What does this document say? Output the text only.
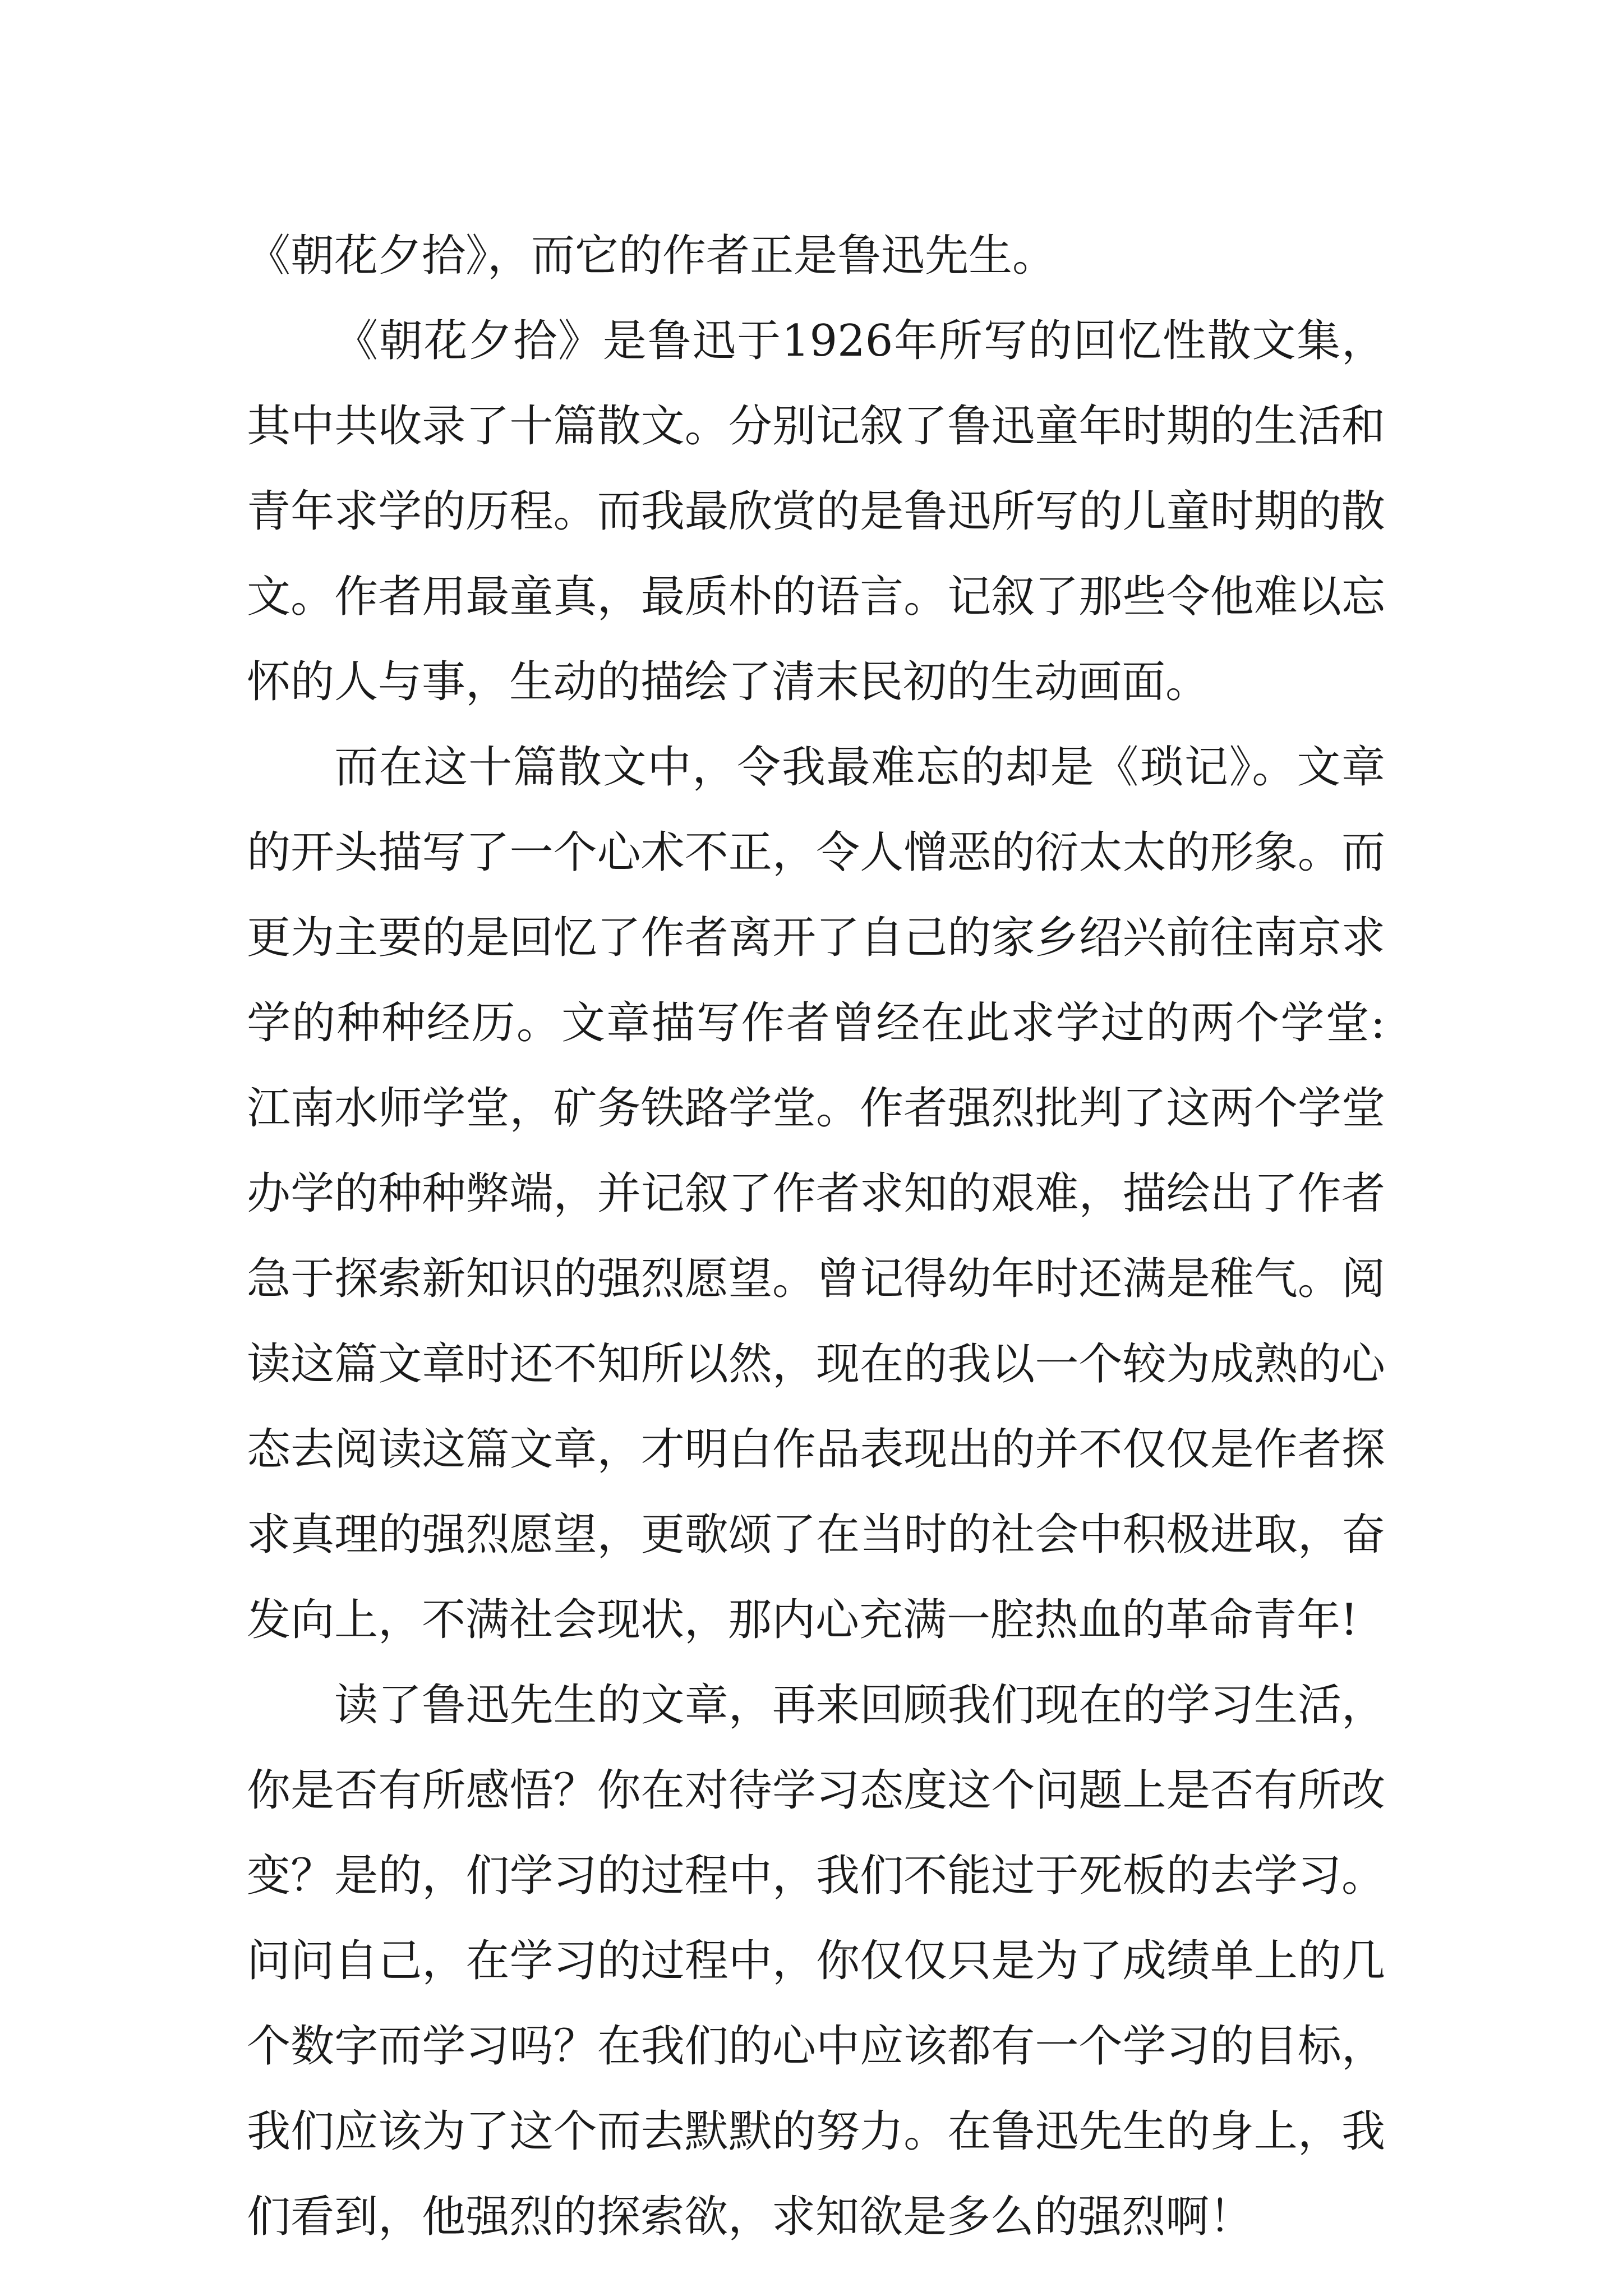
《朝花夕拾》，而它的作者正是鲁迅先生。

《朝花夕拾》是鲁迅于1926年所写的回忆性散文集，其中共收录了十篇散文。分别记叙了鲁迅童年时期的生活和青年求学的历程。而我最欣赏的是鲁迅所写的儿童时期的散文。作者用最童真，最质朴的语言。记叙了那些令他难以忘怀的人与事，生动的描绘了清末民初的生动画面。

而在这十篇散文中，令我最难忘的却是《琐记》。文章的开头描写了一个心术不正，令人憎恶的衍太太的形象。而更为主要的是回忆了作者离开了自己的家乡绍兴前往南京求学的种种经历。文章描写作者曾经在此求学过的两个学堂:江南水师学堂，矿务铁路学堂。作者强烈批判了这两个学堂办学的种种弊端，并记叙了作者求知的艰难，描绘出了作者急于探索新知识的强烈愿望。曾记得幼年时还满是稚气。阅读这篇文章时还不知所以然，现在的我以一个较为成熟的心态去阅读这篇文章，才明白作品表现出的并不仅仅是作者探求真理的强烈愿望，更歌颂了在当时的社会中积极进取，奋发向上，不满社会现状，那内心充满一腔热血的革命青年!

读了鲁迅先生的文章，再来回顾我们现在的学习生活，你是否有所感悟？你在对待学习态度这个问题上是否有所改变？是的，们学习的过程中，我们不能过于死板的去学习。问问自己，在学习的过程中，你仅仅只是为了成绩单上的几个数字而学习吗？在我们的心中应该都有一个学习的目标，我们应该为了这个而去默默的努力。在鲁迅先生的身上，我们看到，他强烈的探索欲，求知欲是多么的强烈啊！
